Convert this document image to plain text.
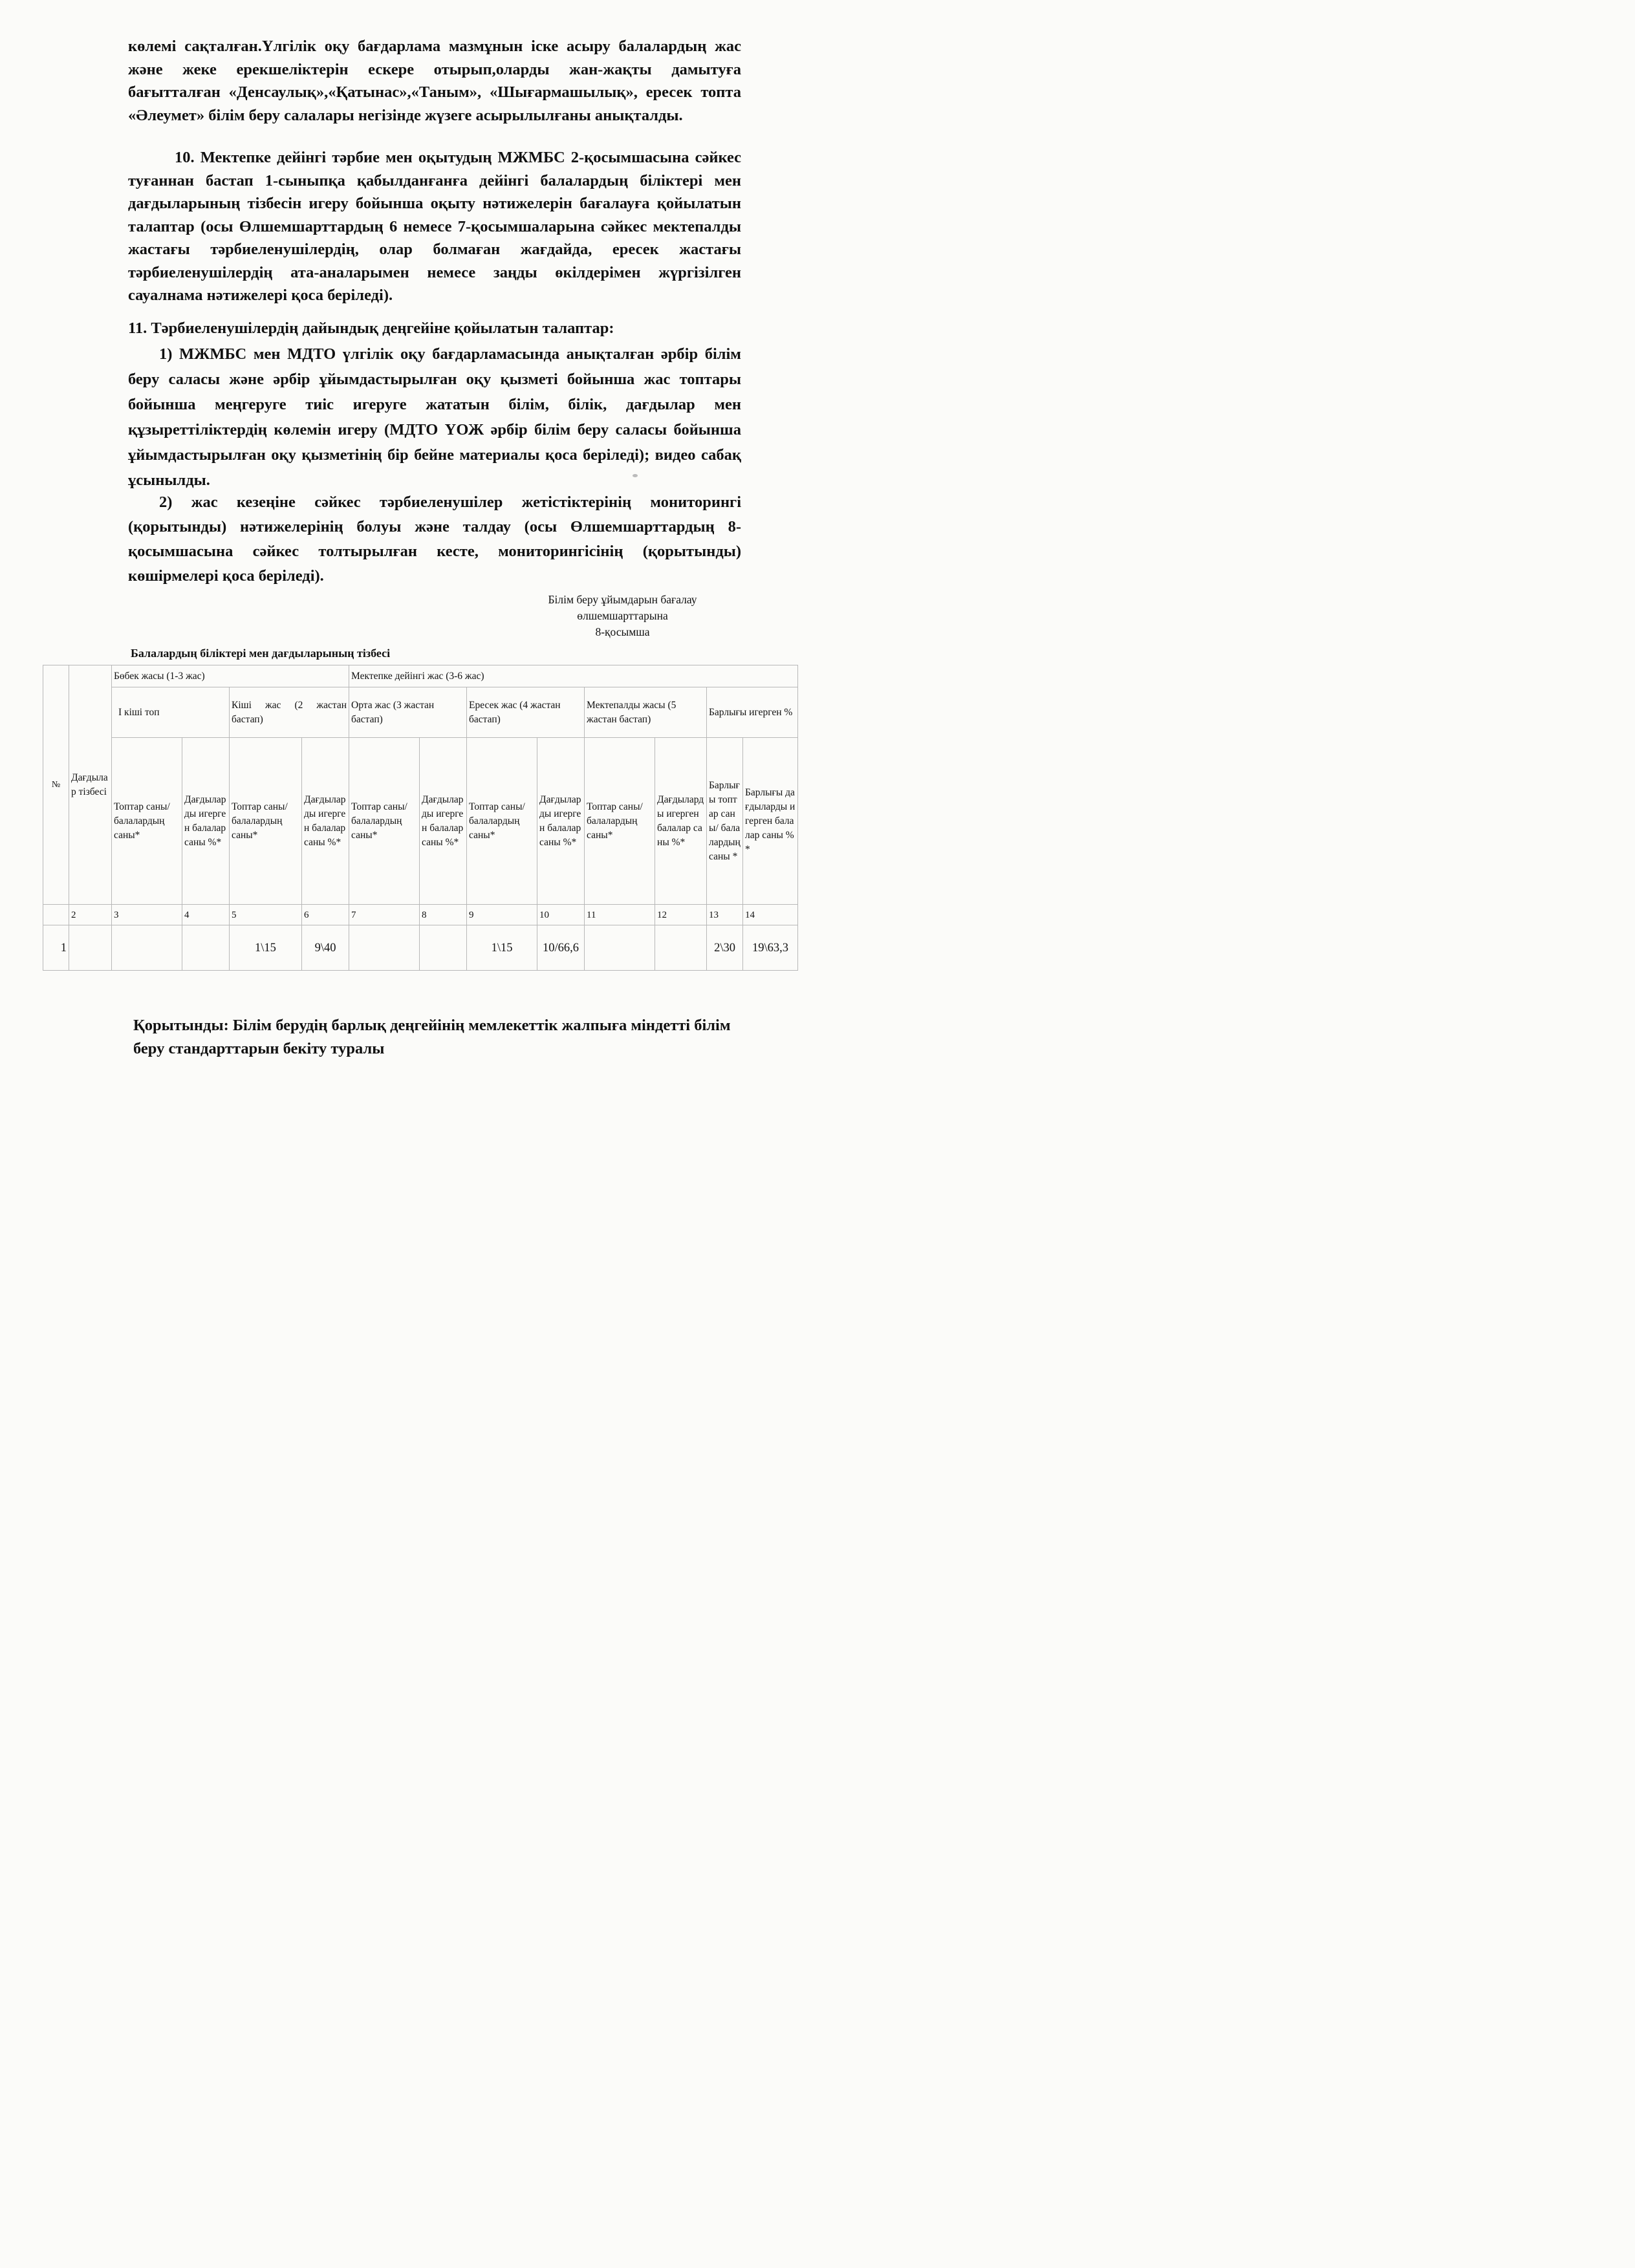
көлемі сақталған.Үлгілік оқу бағдарлама мазмұнын іске асыру балалардың жас және жеке ерекшеліктерін ескере отырып,оларды жан-жақты дамытуға бағытталған «Денсаулық»,«Қатынас»,«Таным», «Шығармашылық», ересек топта «Әлеумет» білім беру салалары негізінде жүзеге асырылылғаны анықталды.

10. Мектепке дейінгі тәрбие мен оқытудың МЖМБС 2-қосымшасына сәйкес туғаннан бастап 1-сыныпқа қабылданғанға дейінгі балалардың біліктері мен дағдыларының тізбесін игеру бойынша оқыту нәтижелерін бағалауға қойылатын талаптар (осы Өлшемшарттардың 6 немесе 7-қосымшаларына сәйкес мектепалды жастағы тәрбиеленушілердің, олар болмаған жағдайда, ересек жастағы тәрбиеленушілердің ата-аналарымен немесе заңды өкілдерімен жүргізілген сауалнама нәтижелері қоса беріледі).

11. Тәрбиеленушілердің дайындық деңгейіне қойылатын талаптар:

1) МЖМБС мен МДТО үлгілік оқу бағдарламасында анықталған әрбір білім беру саласы және әрбір ұйымдастырылған оқу қызметі бойынша жас топтары бойынша меңгеруге тиіс игеруге жататын білім, білік, дағдылар мен құзыреттіліктердің көлемін игеру (МДТО ҮОЖ әрбір білім беру саласы бойынша ұйымдастырылған оқу қызметінің бір бейне материалы қоса беріледі); видео сабақ ұсынылды.

2) жас кезеңіне сәйкес тәрбиеленушілер жетістіктерінің мониторингі (қорытынды) нәтижелерінің болуы және талдау (осы Өлшемшарттардың 8-қосымшасына сәйкес толтырылған кесте, мониторингісінің (қорытынды) көшірмелері қоса беріледі).

Білім беру ұйымдарын бағалау
өлшемшарттарына
8-қосымша
Балалардың біліктері мен дағдыларының тізбесі
№	Дағдылар тізбесі	Бөбек жасы (1-3 жас)				Мектепке дейінгі жас (3-6 жас)							
		I кіші топ		Кіші жас (2 жастан бастап)		Орта жас (3 жастан бастап)		Ересек жас (4 жастан бастап)		Мектепалды жасы (5 жастан бастап)		Барлығы игерген %	
		Топтар саны/ балалардың саны*	Дағдыларды игерген балалар саны %*	Топтар саны/ балалардың саны*	Дағдыларды игерген балалар саны %*	Топтар саны/ балалардың саны*	Дағдыларды игерген балалар саны %*	Топтар саны/ балалардың саны*	Дағдыларды игерген балалар саны %*	Топтар саны/ балалардың саны*	Дағдыларды игерген балалар саны %*	Барлығы топтар саны/ балалардың саны *	Барлығы дағдыларды игерген балалар саны %*
	2	3	4	5	6	7	8	9	10	11	12	13	14
1				1\15	9\40			1\15	10/66,6			2\30	19\63,3

Қорытынды: Білім берудің барлық деңгейінің мемлекеттік жалпыға міндетті білім беру стандарттарын бекіту туралы
